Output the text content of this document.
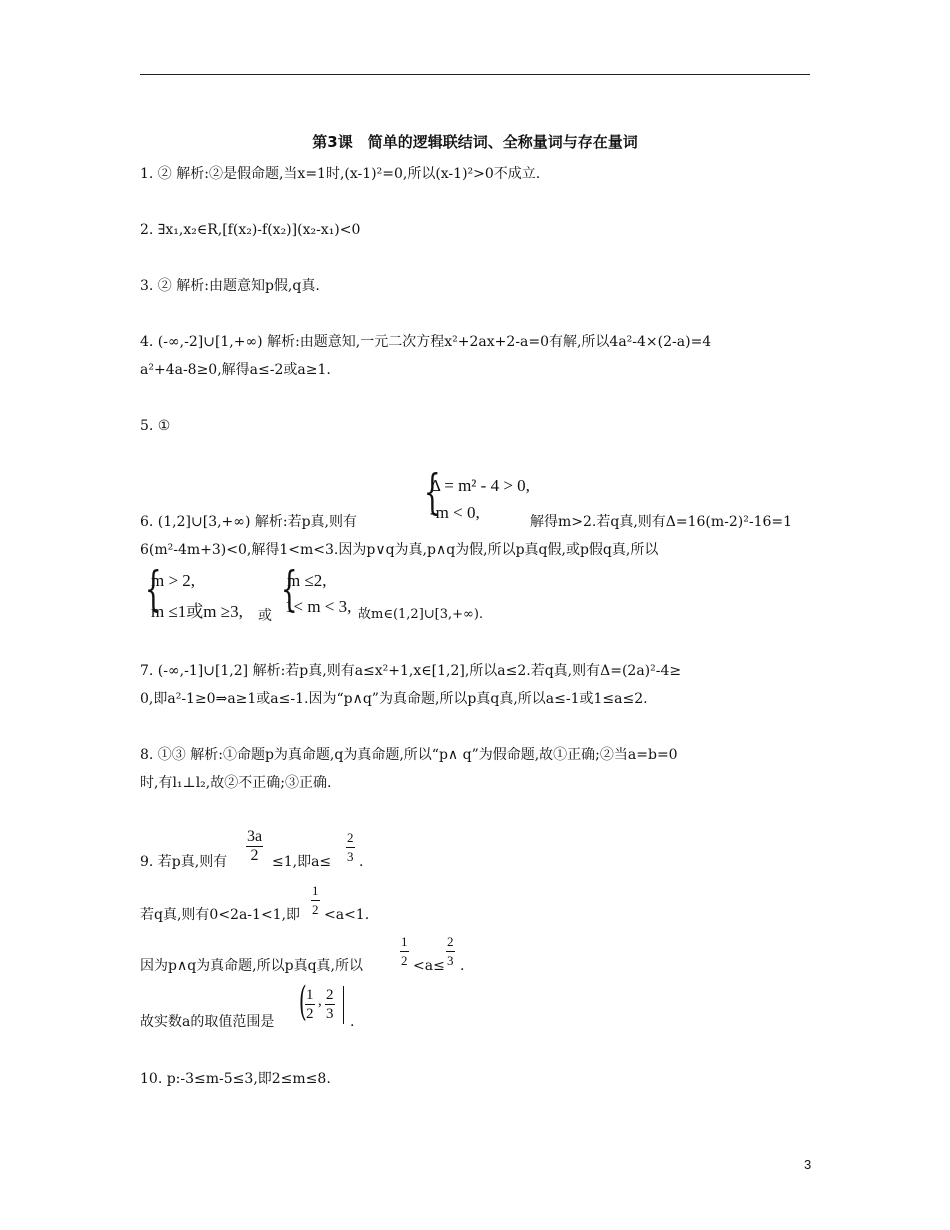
第3课　简单的逻辑联结词、全称量词与存在量词
1. ② 解析:②是假命题,当x=1时,(x-1)²=0,所以(x-1)²>0不成立.
2. ∃x₁,x₂∈R,[f(x₂)-f(x₂)](x₂-x₁)<0
3. ② 解析:由题意知p假,q真.
4. (-∞,-2]∪[1,+∞) 解析:由题意知,一元二次方程x²+2ax+2-a=0有解,所以4a²-4×(2-a)=4
a²+4a-8≥0,解得a≤-2或a≥1.
5. ①
{
Δ = m² - 4 > 0,
-m < 0,
6. (1,2]∪[3,+∞) 解析:若p真,则有	解得m>2.若q真,则有Δ=16(m-2)²-16=1
6(m²-4m+3)<0,解得1<m<3.因为p∨q为真,p∧q为假,所以p真q假,或p假q真,所以
{
m > 2,
m ≤1或m ≥3, 或 {
m ≤2,
1< m < 3, 故m∈(1,2]∪[3,+∞).
7. (-∞,-1]∪[1,2] 解析:若p真,则有a≤x²+1,x∈[1,2],所以a≤2.若q真,则有Δ=(2a)²-4≥
0,即a²-1≥0⇒a≥1或a≤-1.因为“p∧q”为真命题,所以p真q真,所以a≤-1或1≤a≤2.
8. ①③ 解析:①命题p为真命题,q为真命题,所以“p∧ q”为假命题,故①正确;②当a=b=0
时,有l₁⊥l₂,故②不正确;③正确.
9. 若p真,则有 $\frac{3a}{2} \le 1$,即$a\le \frac{2}{3}$ .
若q真,则有0<2a-1<1,即 $\frac{1}{2} <a<1$.
因为p∧q为真命题,所以p真q真,所以	$\frac{1}{2} <a\le \frac{2}{3}$ .
故实数a的取值范围是 (
$\frac{1}{2}$ , $\frac{2}{3}$ .
10. p:-3≤m-5≤3,即2≤m≤8.
3
